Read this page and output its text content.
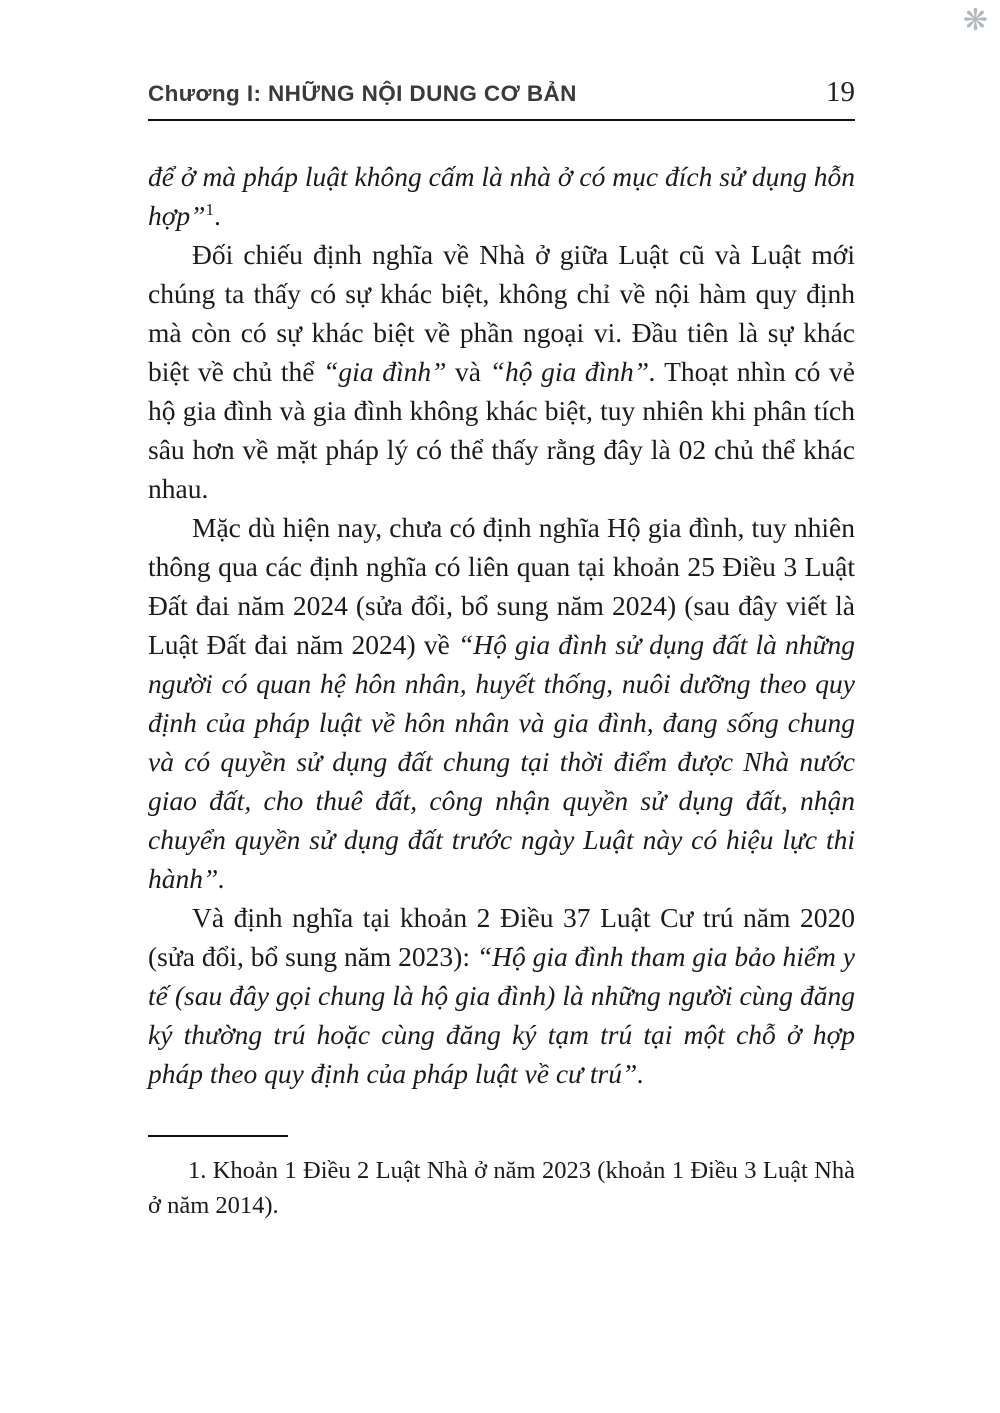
❋
Chương I: NHỮNG NỘI DUNG CƠ BẢN	19

để ở mà pháp luật không cấm là nhà ở có mục đích sử dụng hỗn hợp”$^1$.

Đối chiếu định nghĩa về Nhà ở giữa Luật cũ và Luật mới chúng ta thấy có sự khác biệt, không chỉ về nội hàm quy định mà còn có sự khác biệt về phần ngoại vi. Đầu tiên là sự khác biệt về chủ thể “gia đình” và “hộ gia đình”. Thoạt nhìn có vẻ hộ gia đình và gia đình không khác biệt, tuy nhiên khi phân tích sâu hơn về mặt pháp lý có thể thấy rằng đây là 02 chủ thể khác nhau.

Mặc dù hiện nay, chưa có định nghĩa Hộ gia đình, tuy nhiên thông qua các định nghĩa có liên quan tại khoản 25 Điều 3 Luật Đất đai năm 2024 (sửa đổi, bổ sung năm 2024) (sau đây viết là Luật Đất đai năm 2024) về “Hộ gia đình sử dụng đất là những người có quan hệ hôn nhân, huyết thống, nuôi dưỡng theo quy định của pháp luật về hôn nhân và gia đình, đang sống chung và có quyền sử dụng đất chung tại thời điểm được Nhà nước giao đất, cho thuê đất, công nhận quyền sử dụng đất, nhận chuyển quyền sử dụng đất trước ngày Luật này có hiệu lực thi hành”.

Và định nghĩa tại khoản 2 Điều 37 Luật Cư trú năm 2020 (sửa đổi, bổ sung năm 2023): “Hộ gia đình tham gia bảo hiểm y tế (sau đây gọi chung là hộ gia đình) là những người cùng đăng ký thường trú hoặc cùng đăng ký tạm trú tại một chỗ ở hợp pháp theo quy định của pháp luật về cư trú”.

1. Khoản 1 Điều 2 Luật Nhà ở năm 2023 (khoản 1 Điều 3 Luật Nhà ở năm 2014).
